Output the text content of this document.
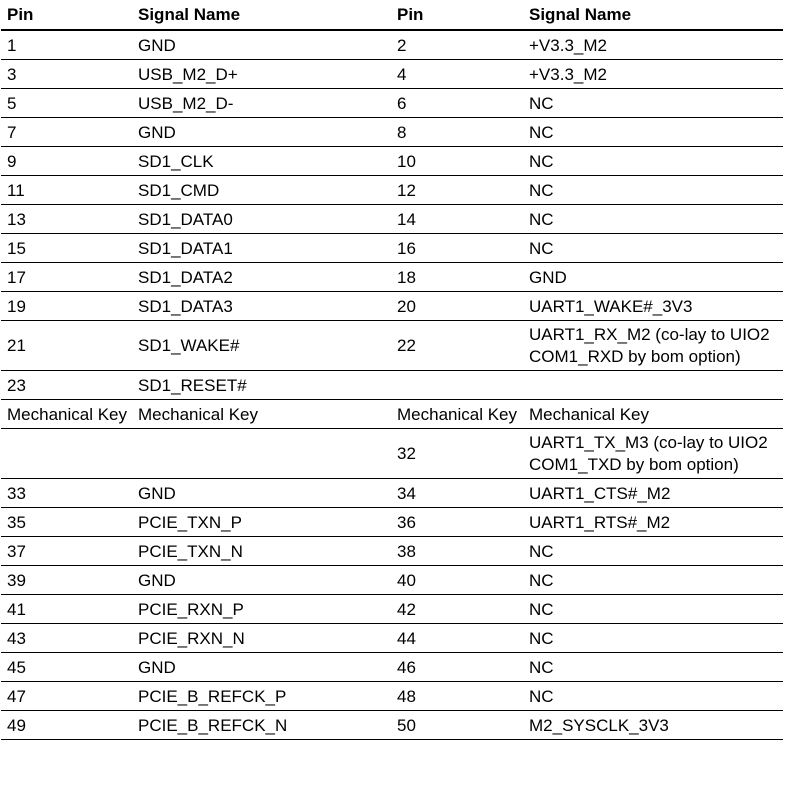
Pin	Signal Name	Pin	Signal Name
1	GND	2	+V3.3_M2
3	USB_M2_D+	4	+V3.3_M2
5	USB_M2_D-	6	NC
7	GND	8	NC
9	SD1_CLK	10	NC
11	SD1_CMD	12	NC
13	SD1_DATA0	14	NC
15	SD1_DATA1	16	NC
17	SD1_DATA2	18	GND
19	SD1_DATA3	20	UART1_WAKE#_3V3
21	SD1_WAKE#	22	UART1_RX_M2 (co-lay to UIO2 COM1_RXD by bom option)
23	SD1_RESET#		
Mechanical Key	Mechanical Key	Mechanical Key	Mechanical Key
		32	UART1_TX_M3 (co-lay to UIO2 COM1_TXD by bom option)
33	GND	34	UART1_CTS#_M2
35	PCIE_TXN_P	36	UART1_RTS#_M2
37	PCIE_TXN_N	38	NC
39	GND	40	NC
41	PCIE_RXN_P	42	NC
43	PCIE_RXN_N	44	NC
45	GND	46	NC
47	PCIE_B_REFCK_P	48	NC
49	PCIE_B_REFCK_N	50	M2_SYSCLK_3V3
